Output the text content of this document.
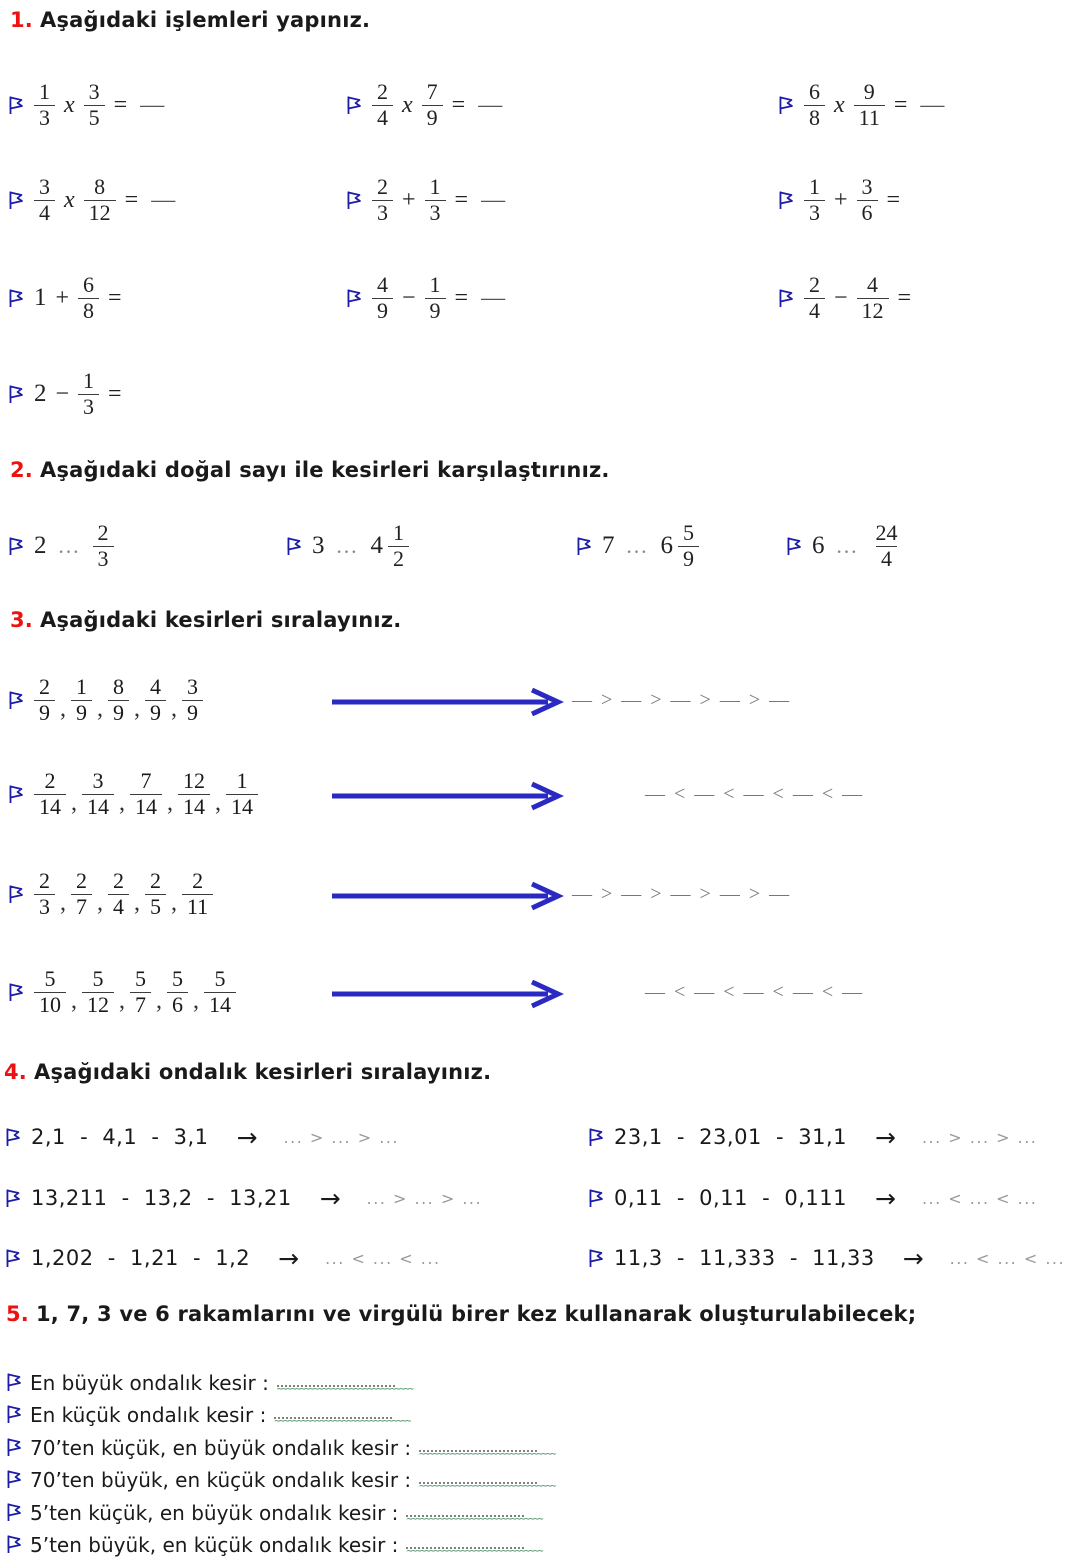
1. Aşağıdaki işlemleri yapınız.
$\frac{1}{3}$ x $\frac{3}{5}$ = —	$\frac{2}{4}$ x $\frac{7}{9}$ = —	$\frac{6}{8}$ x $\frac{9}{11}$ = —
$\frac{3}{4}$ x $\frac{8}{12}$ = —	$\frac{2}{3} + \frac{1}{3}$ = —	$\frac{1}{3} + \frac{3}{6}$ =
$1 + \frac{6}{8}$ =	$\frac{4}{9} - \frac{1}{9}$ = —	$\frac{2}{4} - \frac{4}{12}$ =
$2 - \frac{1}{3}$ =
2. Aşağıdaki doğal sayı ile kesirleri karşılaştırınız.
2 … $\frac{2}{3}$	3 … $4 \frac{1}{2}$	7 … $6 \frac{5}{9}$	6 … $\frac{24}{4}$
3. Aşağıdaki kesirleri sıralayınız.
$\frac{2}{9}$ , $\frac{1}{9}$ , $\frac{8}{9}$ , $\frac{4}{9}$ , $\frac{3}{9}$	— > — > — > — > —
$\frac{2}{14}$ , $\frac{3}{14}$ , $\frac{7}{14}$ , $\frac{12}{14}$ , $\frac{1}{14}$	— < — < — < — < —
$\frac{2}{3}$ , $\frac{2}{7}$ , $\frac{2}{4}$ , $\frac{2}{5}$ , $\frac{2}{11}$	— > — > — > — > —
$\frac{5}{10}$ , $\frac{5}{12}$ , $\frac{5}{7}$ , $\frac{5}{6}$ , $\frac{5}{14}$	— < — < — < — < —
4. Aşağıdaki ondalık kesirleri sıralayınız.
2,1 - 4,1 - 3,1 → ... > ... > ...	23,1 - 23,01 - 31,1 → ... > ... > ...
13,211 - 13,2 - 13,21 → ... > ... > ...	0,11 - 0,11 - 0,111 → ... < ... < ...
1,202 - 1,21 - 1,2 → ... < ... < ...	11,3 - 11,333 - 11,33 → ... < ... < ...
5. 1, 7, 3 ve 6 rakamlarını ve virgülü birer kez kullanarak oluşturulabilecek;
En büyük ondalık kesir : ~~~~~~~~~~~~~~~~~~~~~~~~~~~~~~
En küçük ondalık kesir : ~~~~~~~~~~~~~~~~~~~~~~~~~~~~~~
70’ten küçük, en büyük ondalık kesir : ~~~~~~~~~~~~~~~~~~~~~~~~~~~~~~
70’ten büyük, en küçük ondalık kesir : ~~~~~~~~~~~~~~~~~~~~~~~~~~~~~~
5’ten küçük, en büyük ondalık kesir : ~~~~~~~~~~~~~~~~~~~~~~~~~~~~~~
5’ten büyük, en küçük ondalık kesir : ~~~~~~~~~~~~~~~~~~~~~~~~~~~~~~
